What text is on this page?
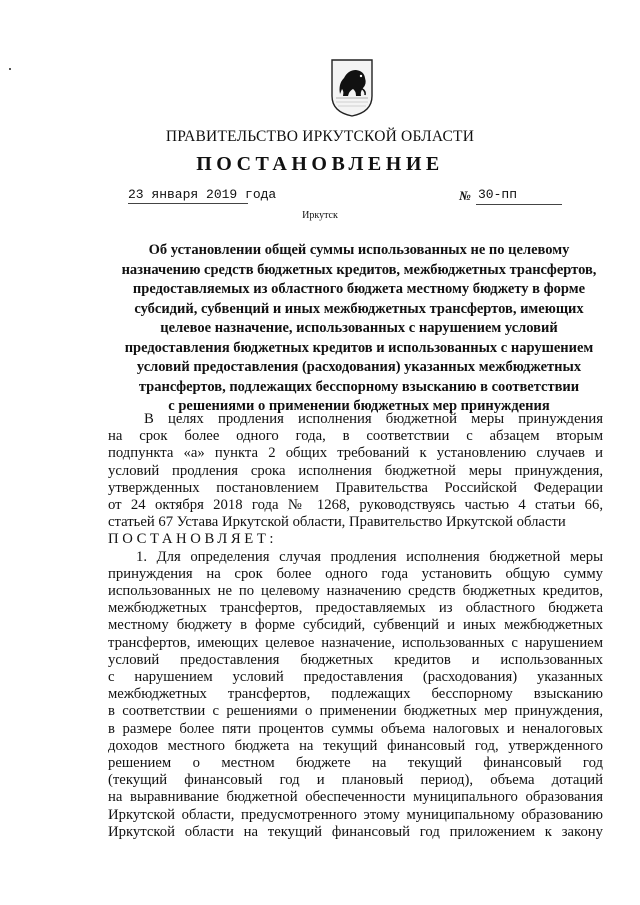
ПРАВИТЕЛЬСТВО ИРКУТСКОЙ ОБЛАСТИ
ПОСТАНОВЛЕНИЕ
23 января 2019 года	№ 30-пп
Иркутск
Об установлении общей суммы использованных не по целевому
назначению средств бюджетных кредитов, межбюджетных трансфертов,
предоставляемых из областного бюджета местному бюджету в форме
субсидий, субвенций и иных межбюджетных трансфертов, имеющих
целевое назначение, использованных с нарушением условий
предоставления бюджетных кредитов и использованных с нарушением
условий предоставления (расходования) указанных межбюджетных
трансфертов, подлежащих бесспорному взысканию в соответствии
с решениями о применении бюджетных мер принуждения
В целях продления исполнения бюджетной меры принуждения
на срок более одного года, в соответствии с абзацем вторым
подпункта «а» пункта 2 общих требований к установлению случаев и
условий продления срока исполнения бюджетной меры принуждения,
утвержденных постановлением Правительства Российской Федерации
от 24 октября 2018 года № 1268, руководствуясь частью 4 статьи 66,
статьей 67 Устава Иркутской области, Правительство Иркутской области
ПОСТАНОВЛЯЕТ:
1. Для определения случая продления исполнения бюджетной меры
принуждения на срок более одного года установить общую сумму
использованных не по целевому назначению средств бюджетных кредитов,
межбюджетных трансфертов, предоставляемых из областного бюджета
местному бюджету в форме субсидий, субвенций и иных межбюджетных
трансфертов, имеющих целевое назначение, использованных с нарушением
условий предоставления бюджетных кредитов и использованных
с нарушением условий предоставления (расходования) указанных
межбюджетных трансфертов, подлежащих бесспорному взысканию
в соответствии с решениями о применении бюджетных мер принуждения,
в размере более пяти процентов суммы объема налоговых и неналоговых
доходов местного бюджета на текущий финансовый год, утвержденного
решением о местном бюджете на текущий финансовый год
(текущий финансовый год и плановый период), объема дотаций
на выравнивание бюджетной обеспеченности муниципального образования
Иркутской области, предусмотренного этому муниципальному образованию
Иркутской области на текущий финансовый год приложением к закону
